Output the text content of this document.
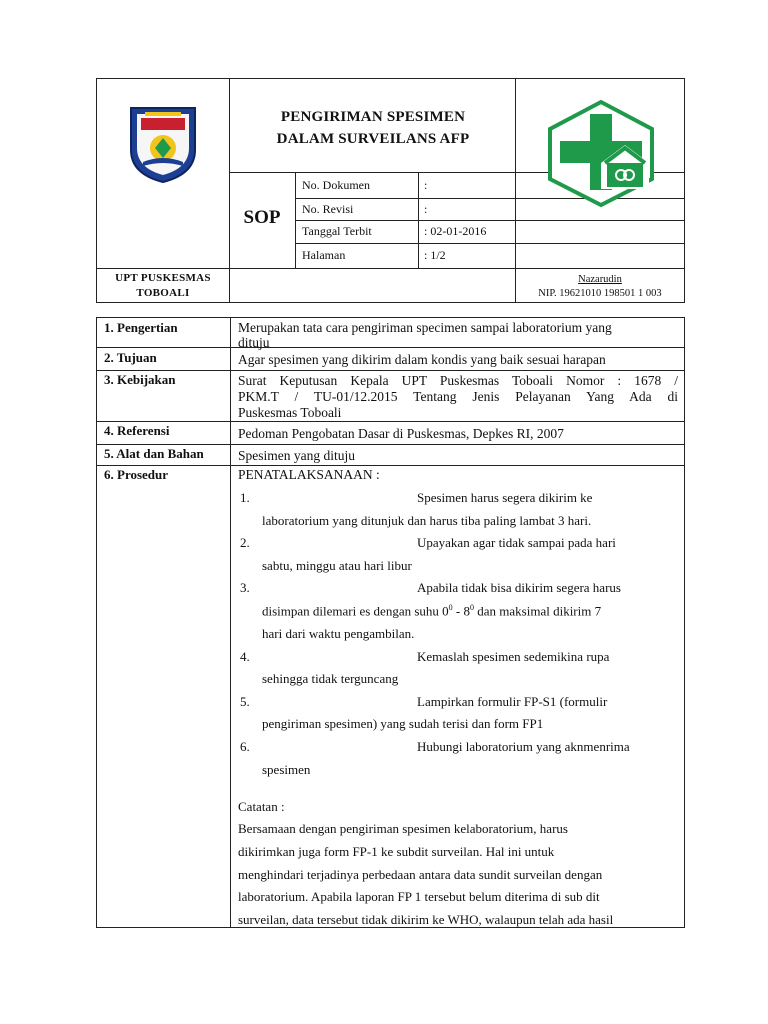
PENGIRIMAN SPESIMEN
DALAM SURVEILANS AFP
SOP
No. Dokumen	:
No. Revisi	:
Tanggal Terbit	: 02-01-2016
Halaman	: 1/2
UPT PUSKESMAS
TOBOALI
Nazarudin
NIP. 19621010 198501 1 003
1. Pengertian	Merupakan tata cara pengiriman specimen sampai laboratorium yang
dituju
2. Tujuan	Agar spesimen yang dikirim dalam kondis yang baik sesuai harapan
3. Kebijakan	Surat Keputusan Kepala UPT Puskesmas Toboali Nomor : 1678 /
PKM.T / TU-01/12.2015 Tentang Jenis Pelayanan Yang Ada di
Puskesmas Toboali
4. Referensi	Pedoman Pengobatan Dasar di Puskesmas, Depkes RI, 2007
5. Alat dan Bahan	Spesimen yang dituju
6. Prosedur	PENATALAKSANAAN :
1.	Spesimen harus segera dikirim ke
laboratorium yang ditunjuk dan harus tiba paling lambat 3 hari.
2.	Upayakan agar tidak sampai pada hari
sabtu, minggu atau hari libur
3.	Apabila tidak bisa dikirim segera harus
disimpan dilemari es dengan suhu $0^0 - 8^0$ dan maksimal dikirim 7
hari dari waktu pengambilan.
4.	Kemaslah spesimen sedemikina rupa
sehingga tidak terguncang
5.	Lampirkan formulir FP-S1 (formulir
pengiriman spesimen) yang sudah terisi dan form FP1
6.	Hubungi laboratorium yang aknmenrima
spesimen
Catatan :
Bersamaan dengan pengiriman spesimen kelaboratorium, harus
dikirimkan juga form FP-1 ke subdit surveilan. Hal ini untuk
menghindari terjadinya perbedaan antara data sundit surveilan dengan
laboratorium. Apabila laporan FP 1 tersebut belum diterima di sub dit
surveilan, data tersebut tidak dikirim ke WHO, walaupun telah ada hasil
